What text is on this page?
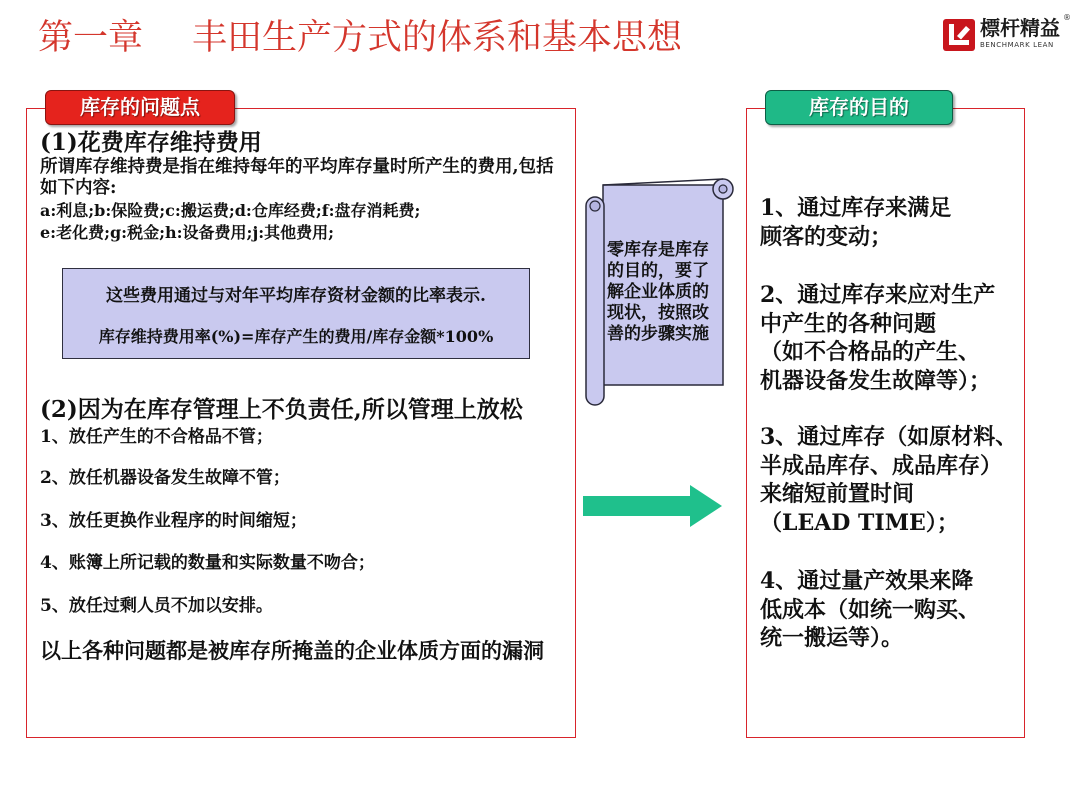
第一章 丰田生产方式的体系和基本思想	標杆精益 ®
BENCHMARK LEAN
库存的问题点
(1)花费库存维持费用
所谓库存维持费是指在维持每年的平均库存量时所产生的费用,包括
如下内容:
a:利息;b:保险费;c:搬运费;d:仓库经费;f:盘存消耗费;
e:老化费;g:税金;h:设备费用;j:其他费用;
这些费用通过与对年平均库存资材金额的比率表示.
库存维持费用率(%)=库存产生的费用/库存金额*100%
(2)因为在库存管理上不负责任,所以管理上放松
1、放任产生的不合格品不管；
2、放任机器设备发生故障不管；
3、放任更换作业程序的时间缩短；
4、账簿上所记载的数量和实际数量不吻合；
5、放任过剩人员不加以安排。
以上各种问题都是被库存所掩盖的企业体质方面的漏洞
零库存是库存
的目的，要了
解企业体质的
现状，按照改
善的步骤实施
库存的目的
1、通过库存来满足
顾客的变动；
2、通过库存来应对生产
中产生的各种问题
（如不合格品的产生、
机器设备发生故障等）；
3、通过库存（如原材料、
半成品库存、成品库存）
来缩短前置时间
（LEAD TIME）；
4、通过量产效果来降
低成本（如统一购买、
统一搬运等）。
